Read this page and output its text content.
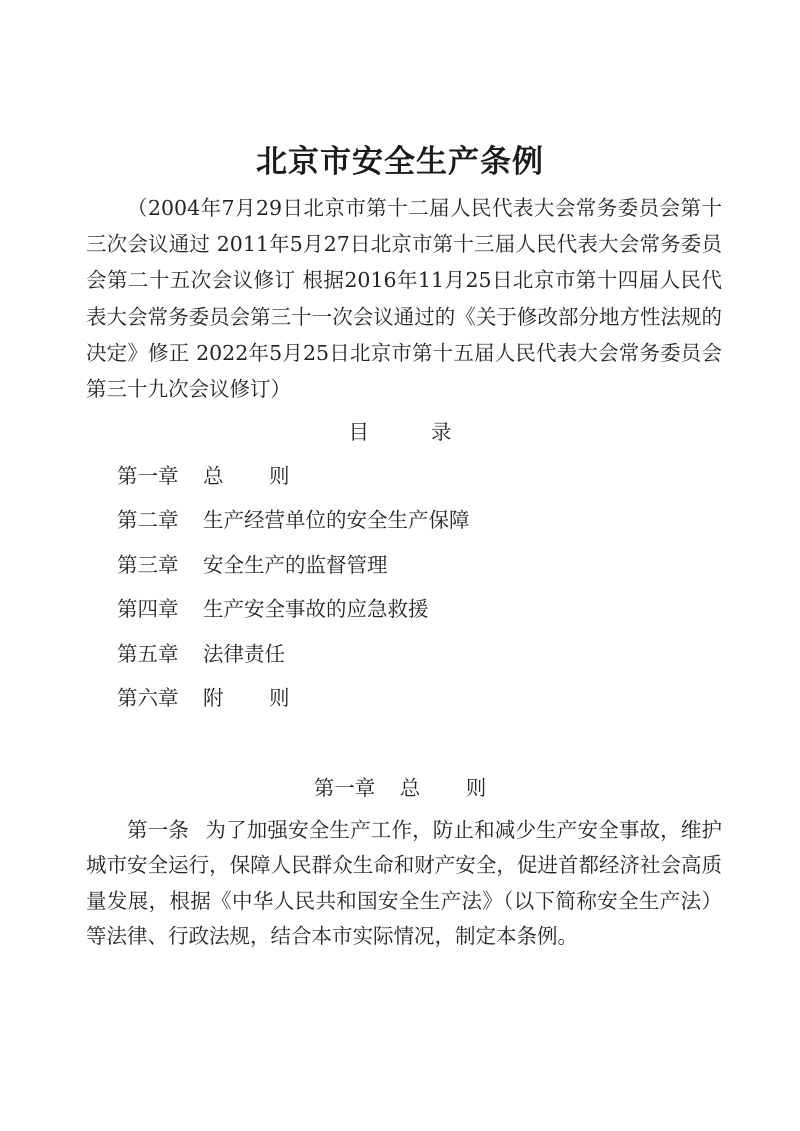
北京市安全生产条例

（2004年7月29日北京市第十二届人民代表大会常务委员会第十三次会议通过 2011年5月27日北京市第十三届人民代表大会常务委员会第二十五次会议修订 根据2016年11月25日北京市第十四届人民代表大会常务委员会第三十一次会议通过的《关于修改部分地方性法规的决定》修正 2022年5月25日北京市第十五届人民代表大会常务委员会第三十九次会议修订）

目	录
第一章 总 则
第二章 生产经营单位的安全生产保障
第三章 安全生产的监督管理
第四章 生产安全事故的应急救援
第五章 法律责任
第六章 附 则
第一章 总 则

第一条 为了加强安全生产工作，防止和减少生产安全事故，维护城市安全运行，保障人民群众生命和财产安全，促进首都经济社会高质量发展，根据《中华人民共和国安全生产法》（以下简称安全生产法）等法律、行政法规，结合本市实际情况，制定本条例。
